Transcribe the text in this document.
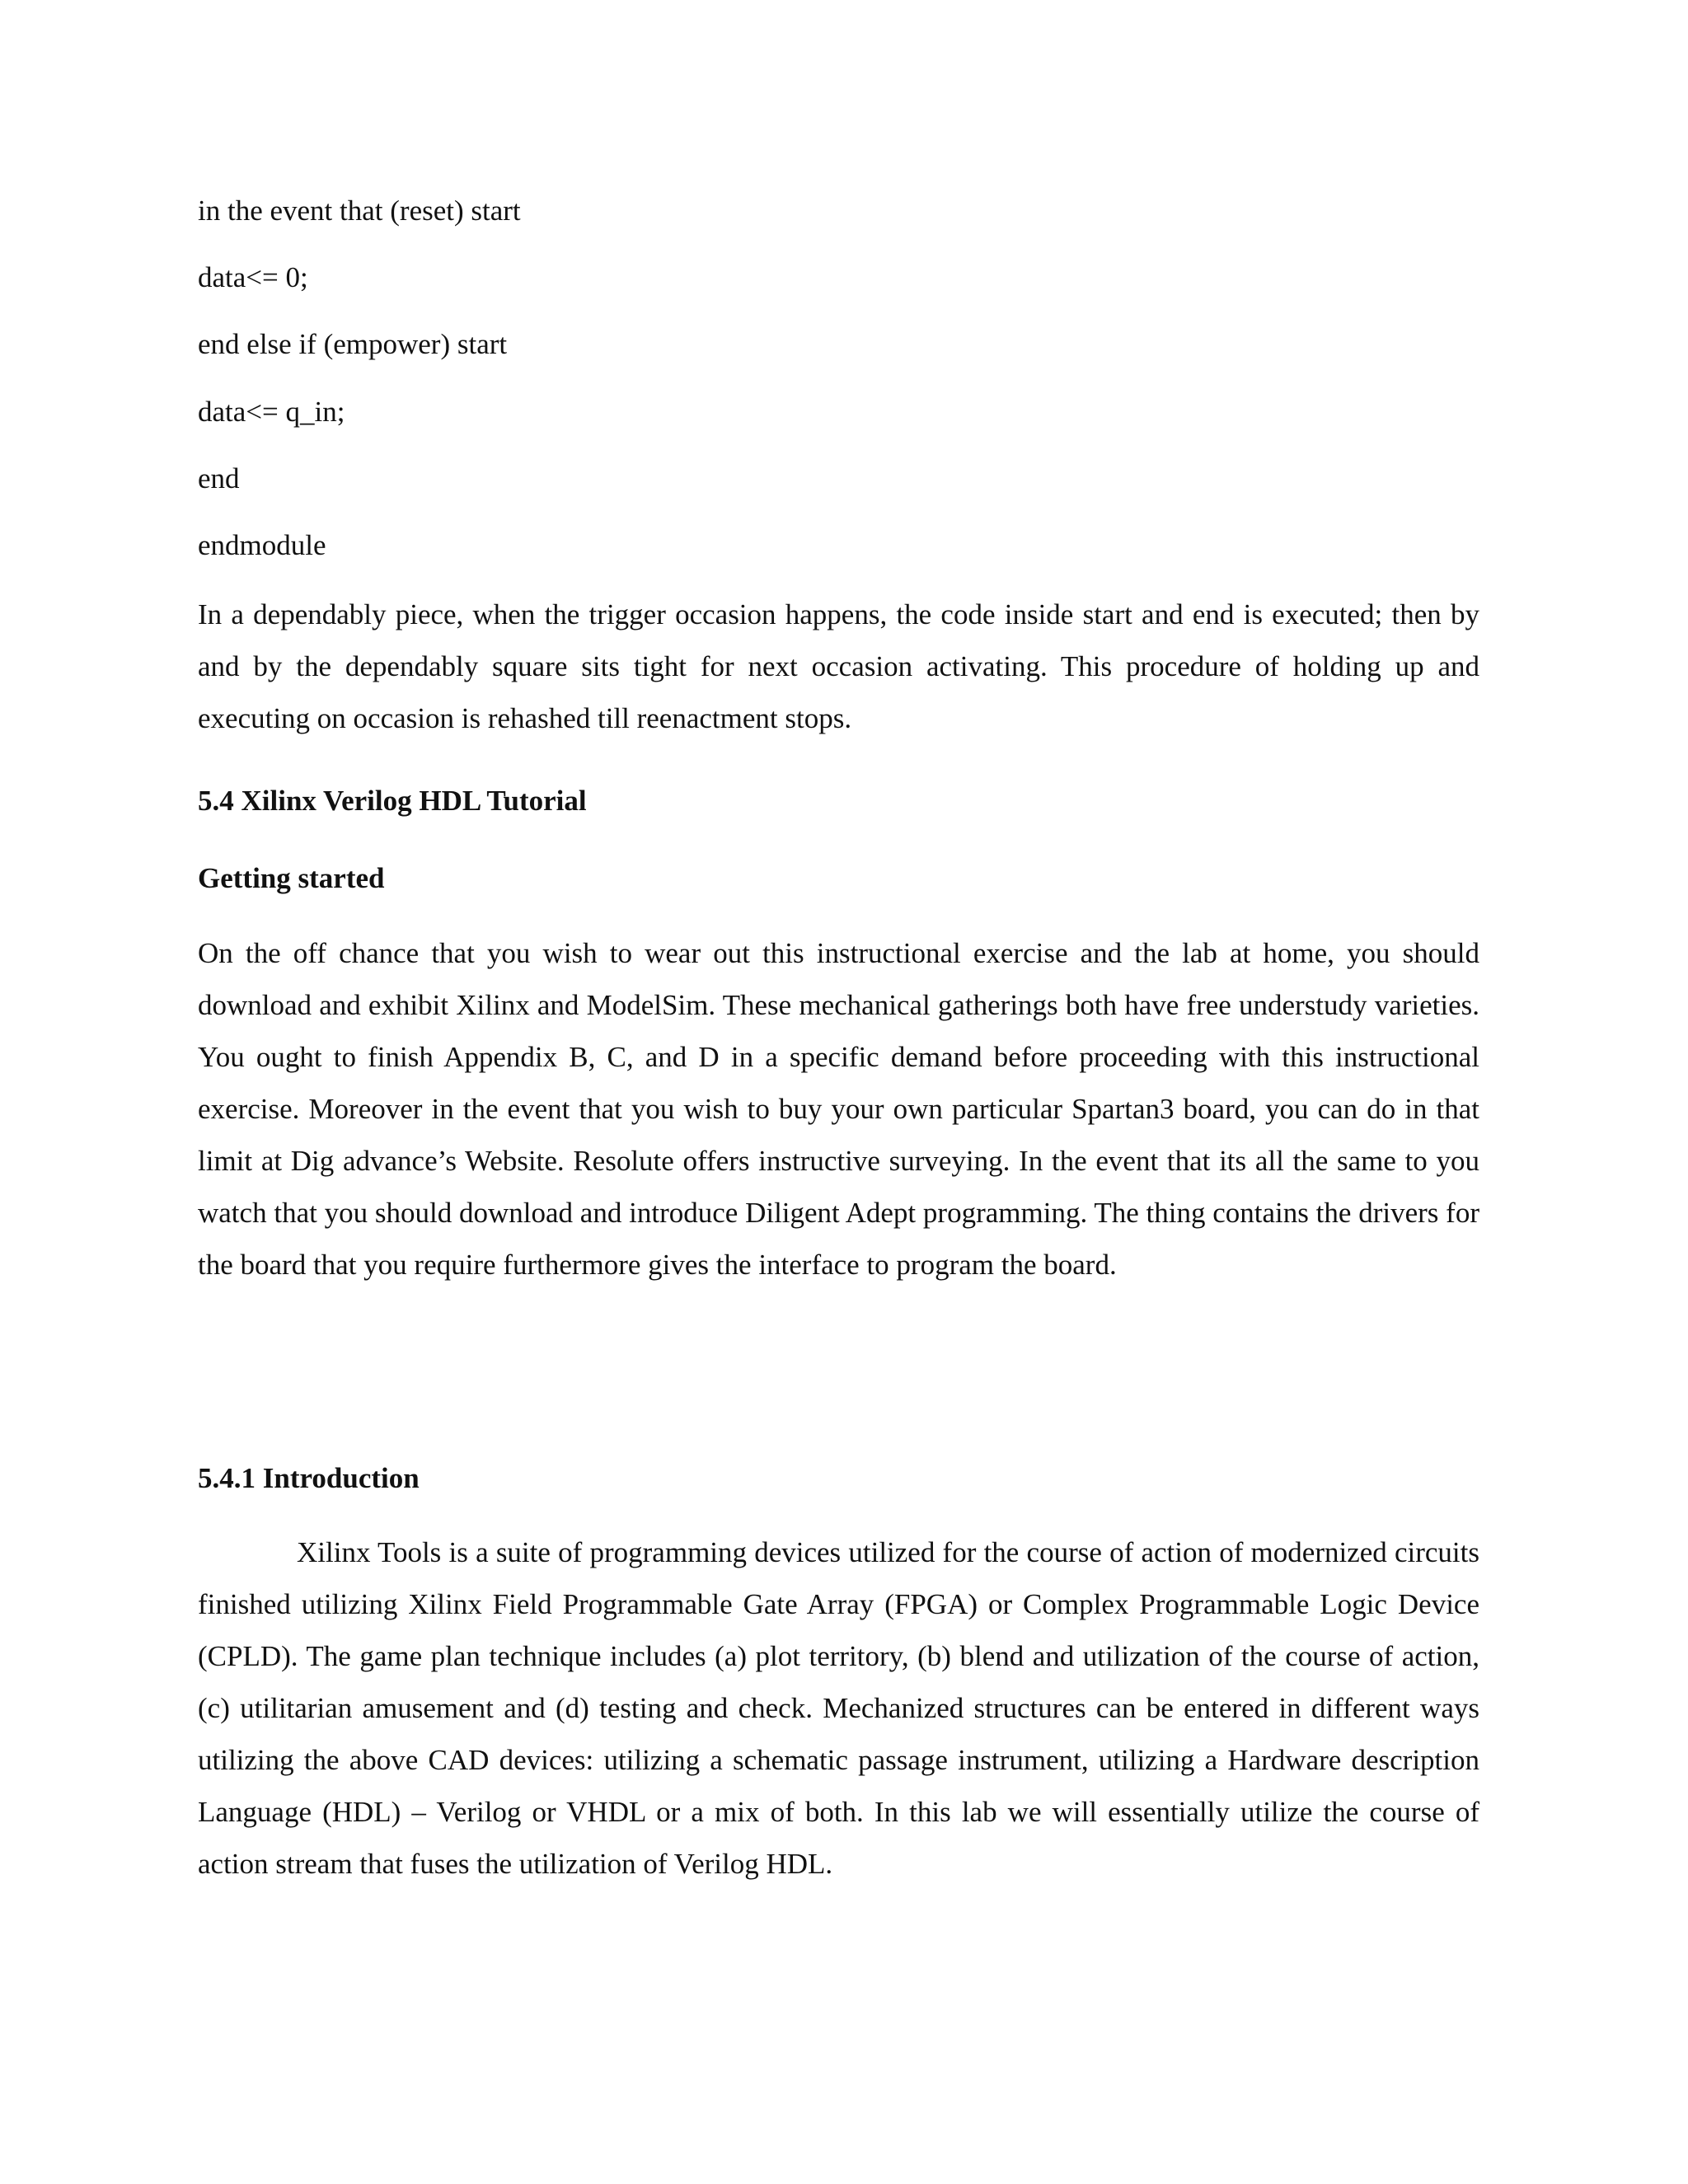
in the event that (reset) start
data<= 0;
end else if (empower) start
data<= q_in;
end
endmodule

In a dependably piece, when the trigger occasion happens, the code inside start and end is executed; then by and by the dependably square sits tight for next occasion activating. This procedure of holding up and executing on occasion is rehashed till reenactment stops.

5.4 Xilinx Verilog HDL Tutorial
Getting started

On the off chance that you wish to wear out this instructional exercise and the lab at home, you should download and exhibit Xilinx and ModelSim. These mechanical gatherings both have free understudy varieties. You ought to finish Appendix B, C, and D in a specific demand before proceeding with this instructional exercise. Moreover in the event that you wish to buy your own particular Spartan3 board, you can do in that limit at Dig advance’s Website. Resolute offers instructive surveying. In the event that its all the same to you watch that you should download and introduce Diligent Adept programming. The thing contains the drivers for the board that you require furthermore gives the interface to program the board.

5.4.1 Introduction

Xilinx Tools is a suite of programming devices utilized for the course of action of modernized circuits finished utilizing Xilinx Field Programmable Gate Array (FPGA) or Complex Programmable Logic Device (CPLD). The game plan technique includes (a) plot territory, (b) blend and utilization of the course of action, (c) utilitarian amusement and (d) testing and check. Mechanized structures can be entered in different ways utilizing the above CAD devices: utilizing a schematic passage instrument, utilizing a Hardware description Language (HDL) – Verilog or VHDL or a mix of both. In this lab we will essentially utilize the course of action stream that fuses the utilization of Verilog HDL.
